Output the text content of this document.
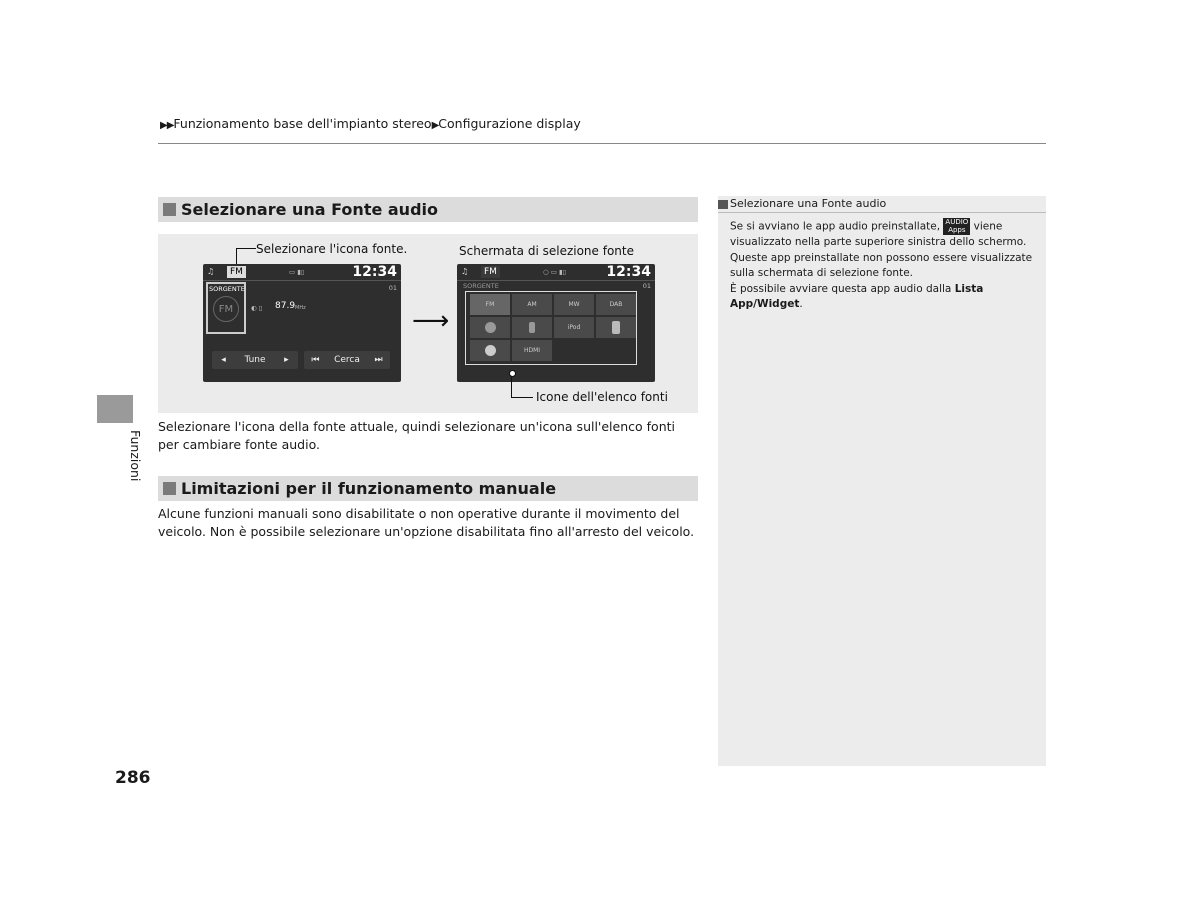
▶▶Funzionamento base dell'impianto stereo▶Configurazione display
Funzioni
Selezionare una Fonte audio
Selezionare l'icona fonte.
♫	FM	▭ ▮▯	12:34
SORGENTE
FM	◐ ▯ 87.9 MHz
01
◂ Tune ▸	⏮ Cerca ⏭
⟶
Schermata di selezione fonte
♫	FM	○ ▭ ▮▯	12:34
SORGENTE	01
FM	AM	MW	DAB
iPod
HDMI
Icone dell'elenco fonti
Selezionare l'icona della fonte attuale, quindi selezionare un'icona sull'elenco fonti per cambiare fonte audio.
Limitazioni per il funzionamento manuale
Alcune funzioni manuali sono disabilitate o non operative durante il movimento del veicolo. Non è possibile selezionare un'opzione disabilitata fino all'arresto del veicolo.
Selezionare una Fonte audio
Se si avviano le app audio preinstallate, AUDIO
Apps viene visualizzato nella parte superiore sinistra dello schermo.
Queste app preinstallate non possono essere visualizzate sulla schermata di selezione fonte.
È possibile avviare questa app audio dalla Lista App/Widget.
286
